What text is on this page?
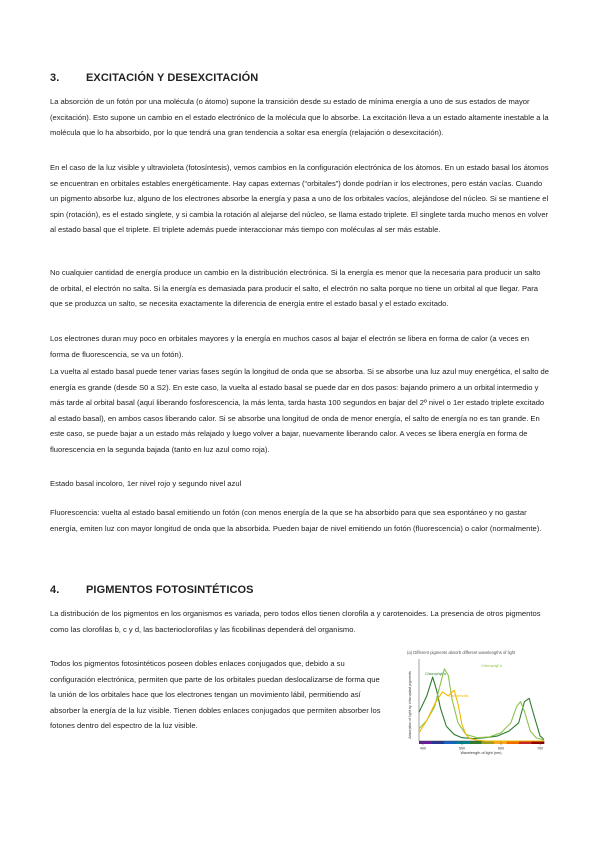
3. EXCITACIÓN Y DESEXCITACIÓN

La absorción de un fotón por una molécula (o átomo) supone la transición desde su estado de mínima energía a uno de sus estados de mayor (excitación). Esto supone un cambio en el estado electrónico de la molécula que lo absorbe. La excitación lleva a un estado altamente inestable a la molécula que lo ha absorbido, por lo que tendrá una gran tendencia a soltar esa energía (relajación o desexcitación).

En el caso de la luz visible y ultravioleta (fotosíntesis), vemos cambios en la configuración electrónica de los átomos. En un estado basal los átomos se encuentran en orbitales estables energéticamente. Hay capas externas (“orbitales”) donde podrían ir los electrones, pero están vacías. Cuando un pigmento absorbe luz, alguno de los electrones absorbe la energía y pasa a uno de los orbitales vacíos, alejándose del núcleo. Si se mantiene el spin (rotación), es el estado singlete, y si cambia la rotación al alejarse del núcleo, se llama estado triplete. El singlete tarda mucho menos en volver al estado basal que el triplete. El triplete además puede interaccionar más tiempo con moléculas al ser más estable.

No cualquier cantidad de energía produce un cambio en la distribución electrónica. Si la energía es menor que la necesaria para producir un salto de orbital, el electrón no salta. Si la energía es demasiada para producir el salto, el electrón no salta porque no tiene un orbital al que llegar. Para que se produzca un salto, se necesita exactamente la diferencia de energía entre el estado basal y el estado excitado.

Los electrones duran muy poco en orbitales mayores y la energía en muchos casos al bajar el electrón se libera en forma de calor (a veces en forma de fluorescencia, se va un fotón).

La vuelta al estado basal puede tener varias fases según la longitud de onda que se absorba. Si se absorbe una luz azul muy energética, el salto de energía es grande (desde S0 a S2). En este caso, la vuelta al estado basal se puede dar en dos pasos: bajando primero a un orbital intermedio y más tarde al orbital basal (aquí liberando fosforescencia, la más lenta, tarda hasta 100 segundos en bajar del 2º nivel o 1er estado triplete excitado al estado basal), en ambos casos liberando calor. Si se absorbe una longitud de onda de menor energía, el salto de energía no es tan grande. En este caso, se puede bajar a un estado más relajado y luego volver a bajar, nuevamente liberando calor. A veces se libera energía en forma de fluorescencia en la segunda bajada (tanto en luz azul como roja).

Estado basal incoloro, 1er nivel rojo y segundo nivel azul

Fluorescencia: vuelta al estado basal emitiendo un fotón (con menos energía de la que se ha absorbido para que sea espontáneo y no gastar energía, emiten luz con mayor longitud de onda que la absorbida. Pueden bajar de nivel emitiendo un fotón (fluorescencia) o calor (normalmente).

4. PIGMENTOS FOTOSINTÉTICOS

La distribución de los pigmentos en los organismos es variada, pero todos ellos tienen clorofila a y carotenoides. La presencia de otros pigmentos como las clorofilas b, c y d, las bacterioclorofilas y las ficobilinas dependerá del organismo.

Todos los pigmentos fotosintéticos poseen dobles enlaces conjugados que, debido a su configuración electrónica, permiten que parte de los orbitales puedan deslocalizarse de forma que la unión de los orbitales hace que los electrones tengan un movimiento lábil, permitiendo así absorber la energía de la luz visible. Tienen dobles enlaces conjugados que permiten absorber los fotones dentro del espectro de la luz visible.

(a) Different pigments absorb different wavelengths of light
Absorption of light by chloroplast pigments
Wavelength of light (nm)
400	500	600	700
Chlorophyll a
Chlorophyll b
Carotenoids
